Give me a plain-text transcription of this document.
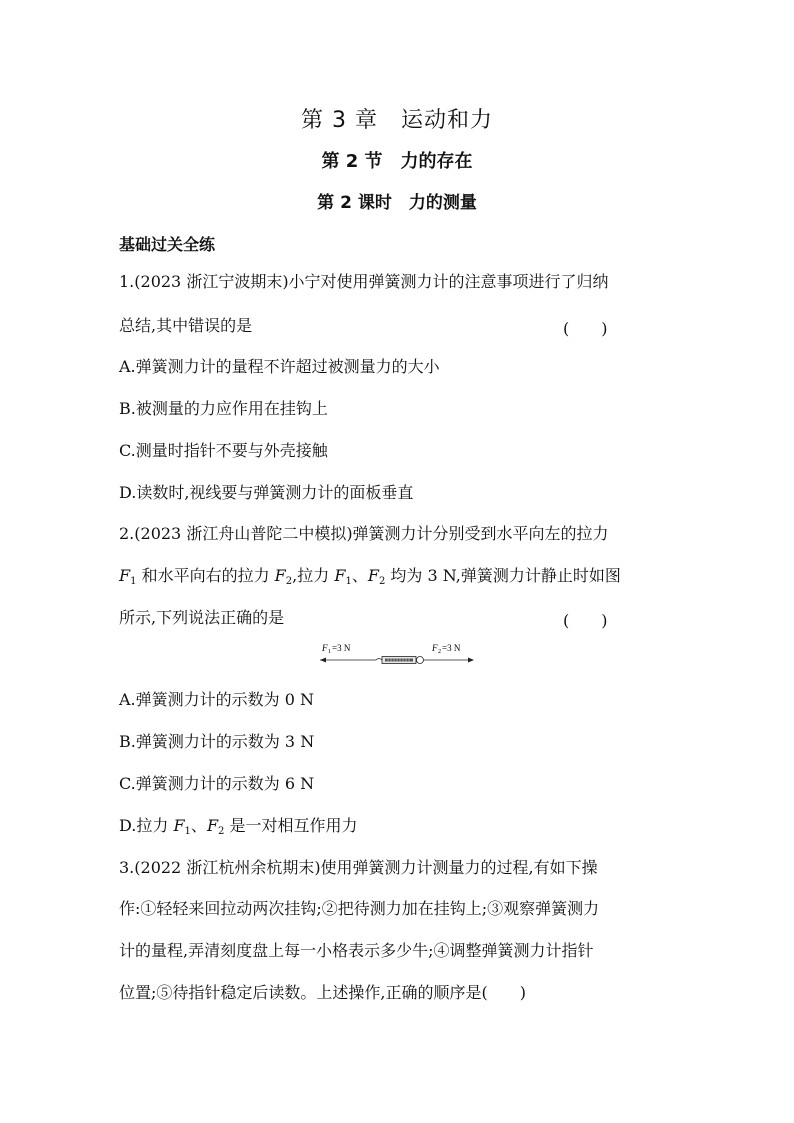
第 3 章　运动和力
第 2 节　力的存在
第 2 课时　力的测量
基础过关全练
1.(2023 浙江宁波期末)小宁对使用弹簧测力计的注意事项进行了归纳
总结,其中错误的是	(　　)
A.弹簧测力计的量程不许超过被测量力的大小
B.被测量的力应作用在挂钩上
C.测量时指针不要与外壳接触
D.读数时,视线要与弹簧测力计的面板垂直
2.(2023 浙江舟山普陀二中模拟)弹簧测力计分别受到水平向左的拉力
$F_1$ 和水平向右的拉力 $F_2$,拉力 $F_1$、$F_2$ 均为 3 N,弹簧测力计静止时如图
所示,下列说法正确的是	(　　)
F 1 =3 N	F 2 =3 N
A.弹簧测力计的示数为 0 N
B.弹簧测力计的示数为 3 N
C.弹簧测力计的示数为 6 N
D.拉力 $F_1$、$F_2$ 是一对相互作用力
3.(2022 浙江杭州余杭期末)使用弹簧测力计测量力的过程,有如下操
作:①轻轻来回拉动两次挂钩;②把待测力加在挂钩上;③观察弹簧测力
计的量程,弄清刻度盘上每一小格表示多少牛;④调整弹簧测力计指针
位置;⑤待指针稳定后读数。上述操作,正确的顺序是(　　)
